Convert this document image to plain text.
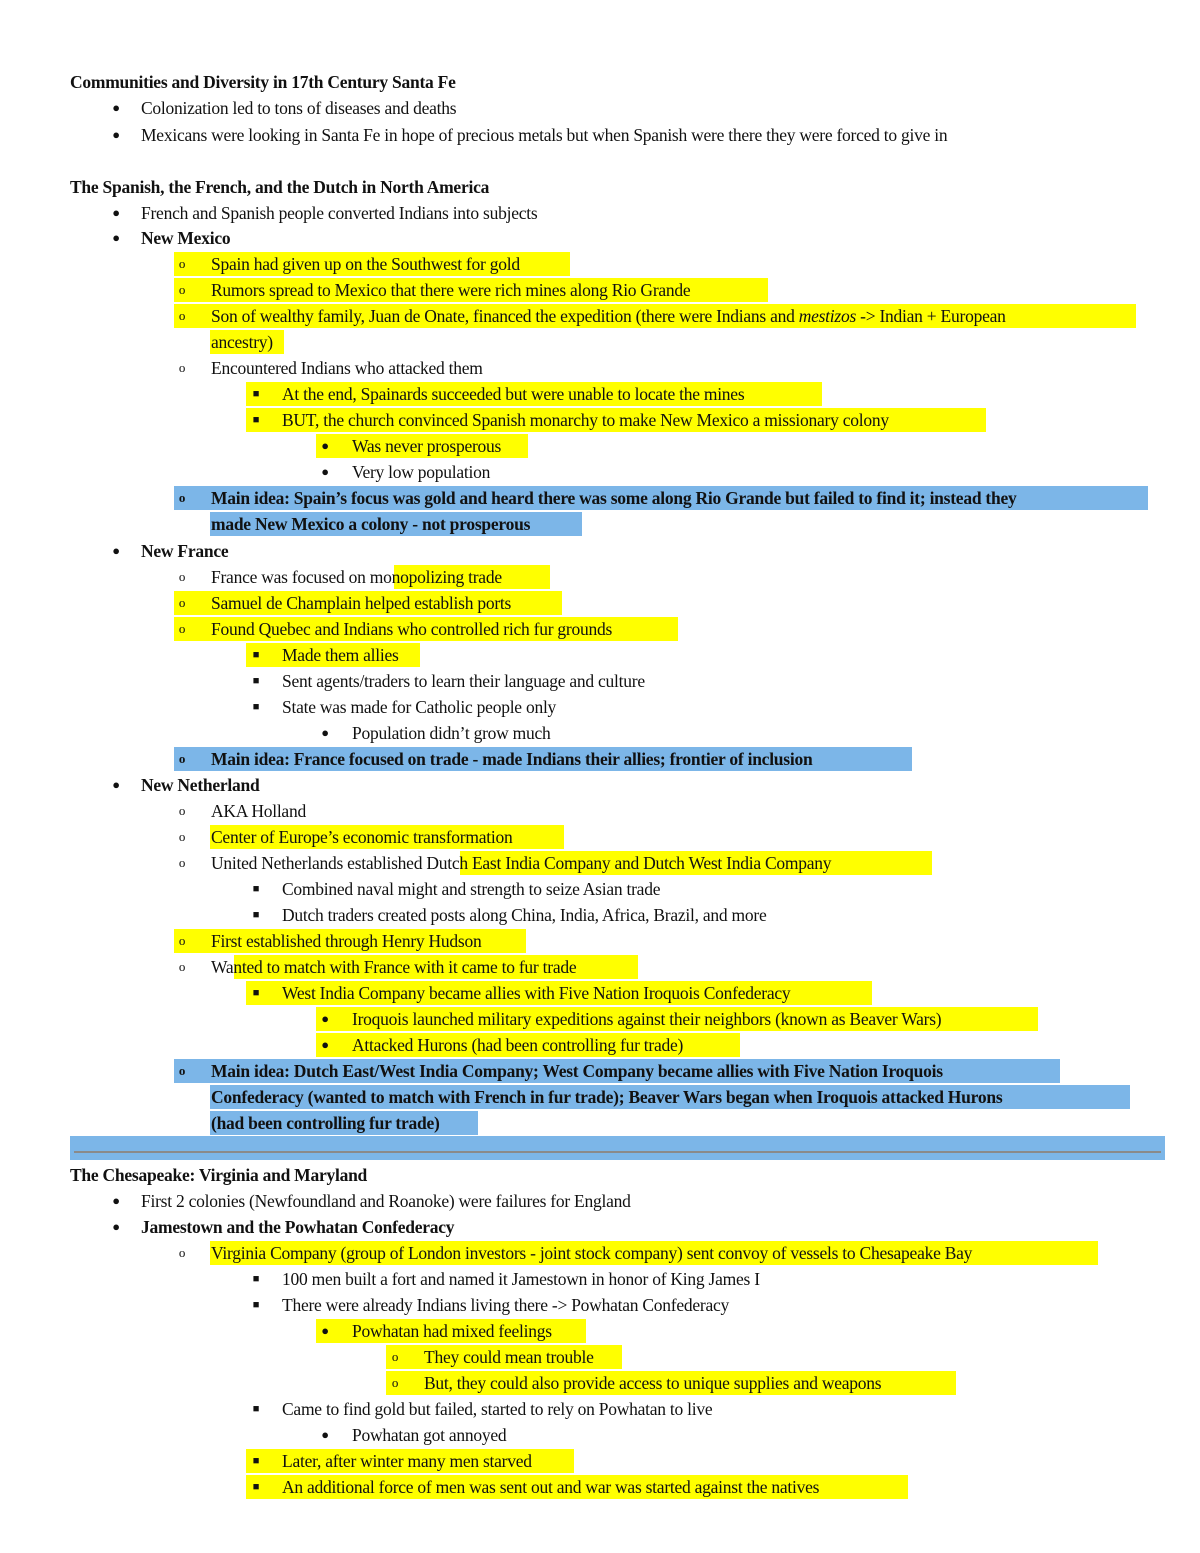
Communities and Diversity in 17th Century Santa Fe
●	Colonization led to tons of diseases and deaths
●	Mexicans were looking in Santa Fe in hope of precious metals but when Spanish were there they were forced to give in
The Spanish, the French, and the Dutch in North America
●	French and Spanish people converted Indians into subjects
●	New Mexico
o	Spain had given up on the Southwest for gold
o	Rumors spread to Mexico that there were rich mines along Rio Grande
o	Son of wealthy family, Juan de Onate, financed the expedition (there were Indians and mestizos -> Indian + European
ancestry)
o	Encountered Indians who attacked them
■	At the end, Spainards succeeded but were unable to locate the mines
■	BUT, the church convinced Spanish monarchy to make New Mexico a missionary colony
●	Was never prosperous
●	Very low population
o	Main idea: Spain’s focus was gold and heard there was some along Rio Grande but failed to find it; instead they
made New Mexico a colony - not prosperous
●	New France
o	France was focused on monopolizing trade
o	Samuel de Champlain helped establish ports
o	Found Quebec and Indians who controlled rich fur grounds
■	Made them allies
■	Sent agents/traders to learn their language and culture
■	State was made for Catholic people only
●	Population didn’t grow much
o	Main idea: France focused on trade - made Indians their allies; frontier of inclusion
●	New Netherland
o	AKA Holland
o	Center of Europe’s economic transformation
o	United Netherlands established Dutch East India Company and Dutch West India Company
■	Combined naval might and strength to seize Asian trade
■	Dutch traders created posts along China, India, Africa, Brazil, and more
o	First established through Henry Hudson
o	Wanted to match with France with it came to fur trade
■	West India Company became allies with Five Nation Iroquois Confederacy
●	Iroquois launched military expeditions against their neighbors (known as Beaver Wars)
●	Attacked Hurons (had been controlling fur trade)
o	Main idea: Dutch East/West India Company; West Company became allies with Five Nation Iroquois
Confederacy (wanted to match with French in fur trade); Beaver Wars began when Iroquois attacked Hurons
(had been controlling fur trade)
The Chesapeake: Virginia and Maryland
●	First 2 colonies (Newfoundland and Roanoke) were failures for England
●	Jamestown and the Powhatan Confederacy
o	Virginia Company (group of London investors - joint stock company) sent convoy of vessels to Chesapeake Bay
■	100 men built a fort and named it Jamestown in honor of King James I
■	There were already Indians living there -> Powhatan Confederacy
●	Powhatan had mixed feelings
o	They could mean trouble
o	But, they could also provide access to unique supplies and weapons
■	Came to find gold but failed, started to rely on Powhatan to live
●	Powhatan got annoyed
■	Later, after winter many men starved
■	An additional force of men was sent out and war was started against the natives
